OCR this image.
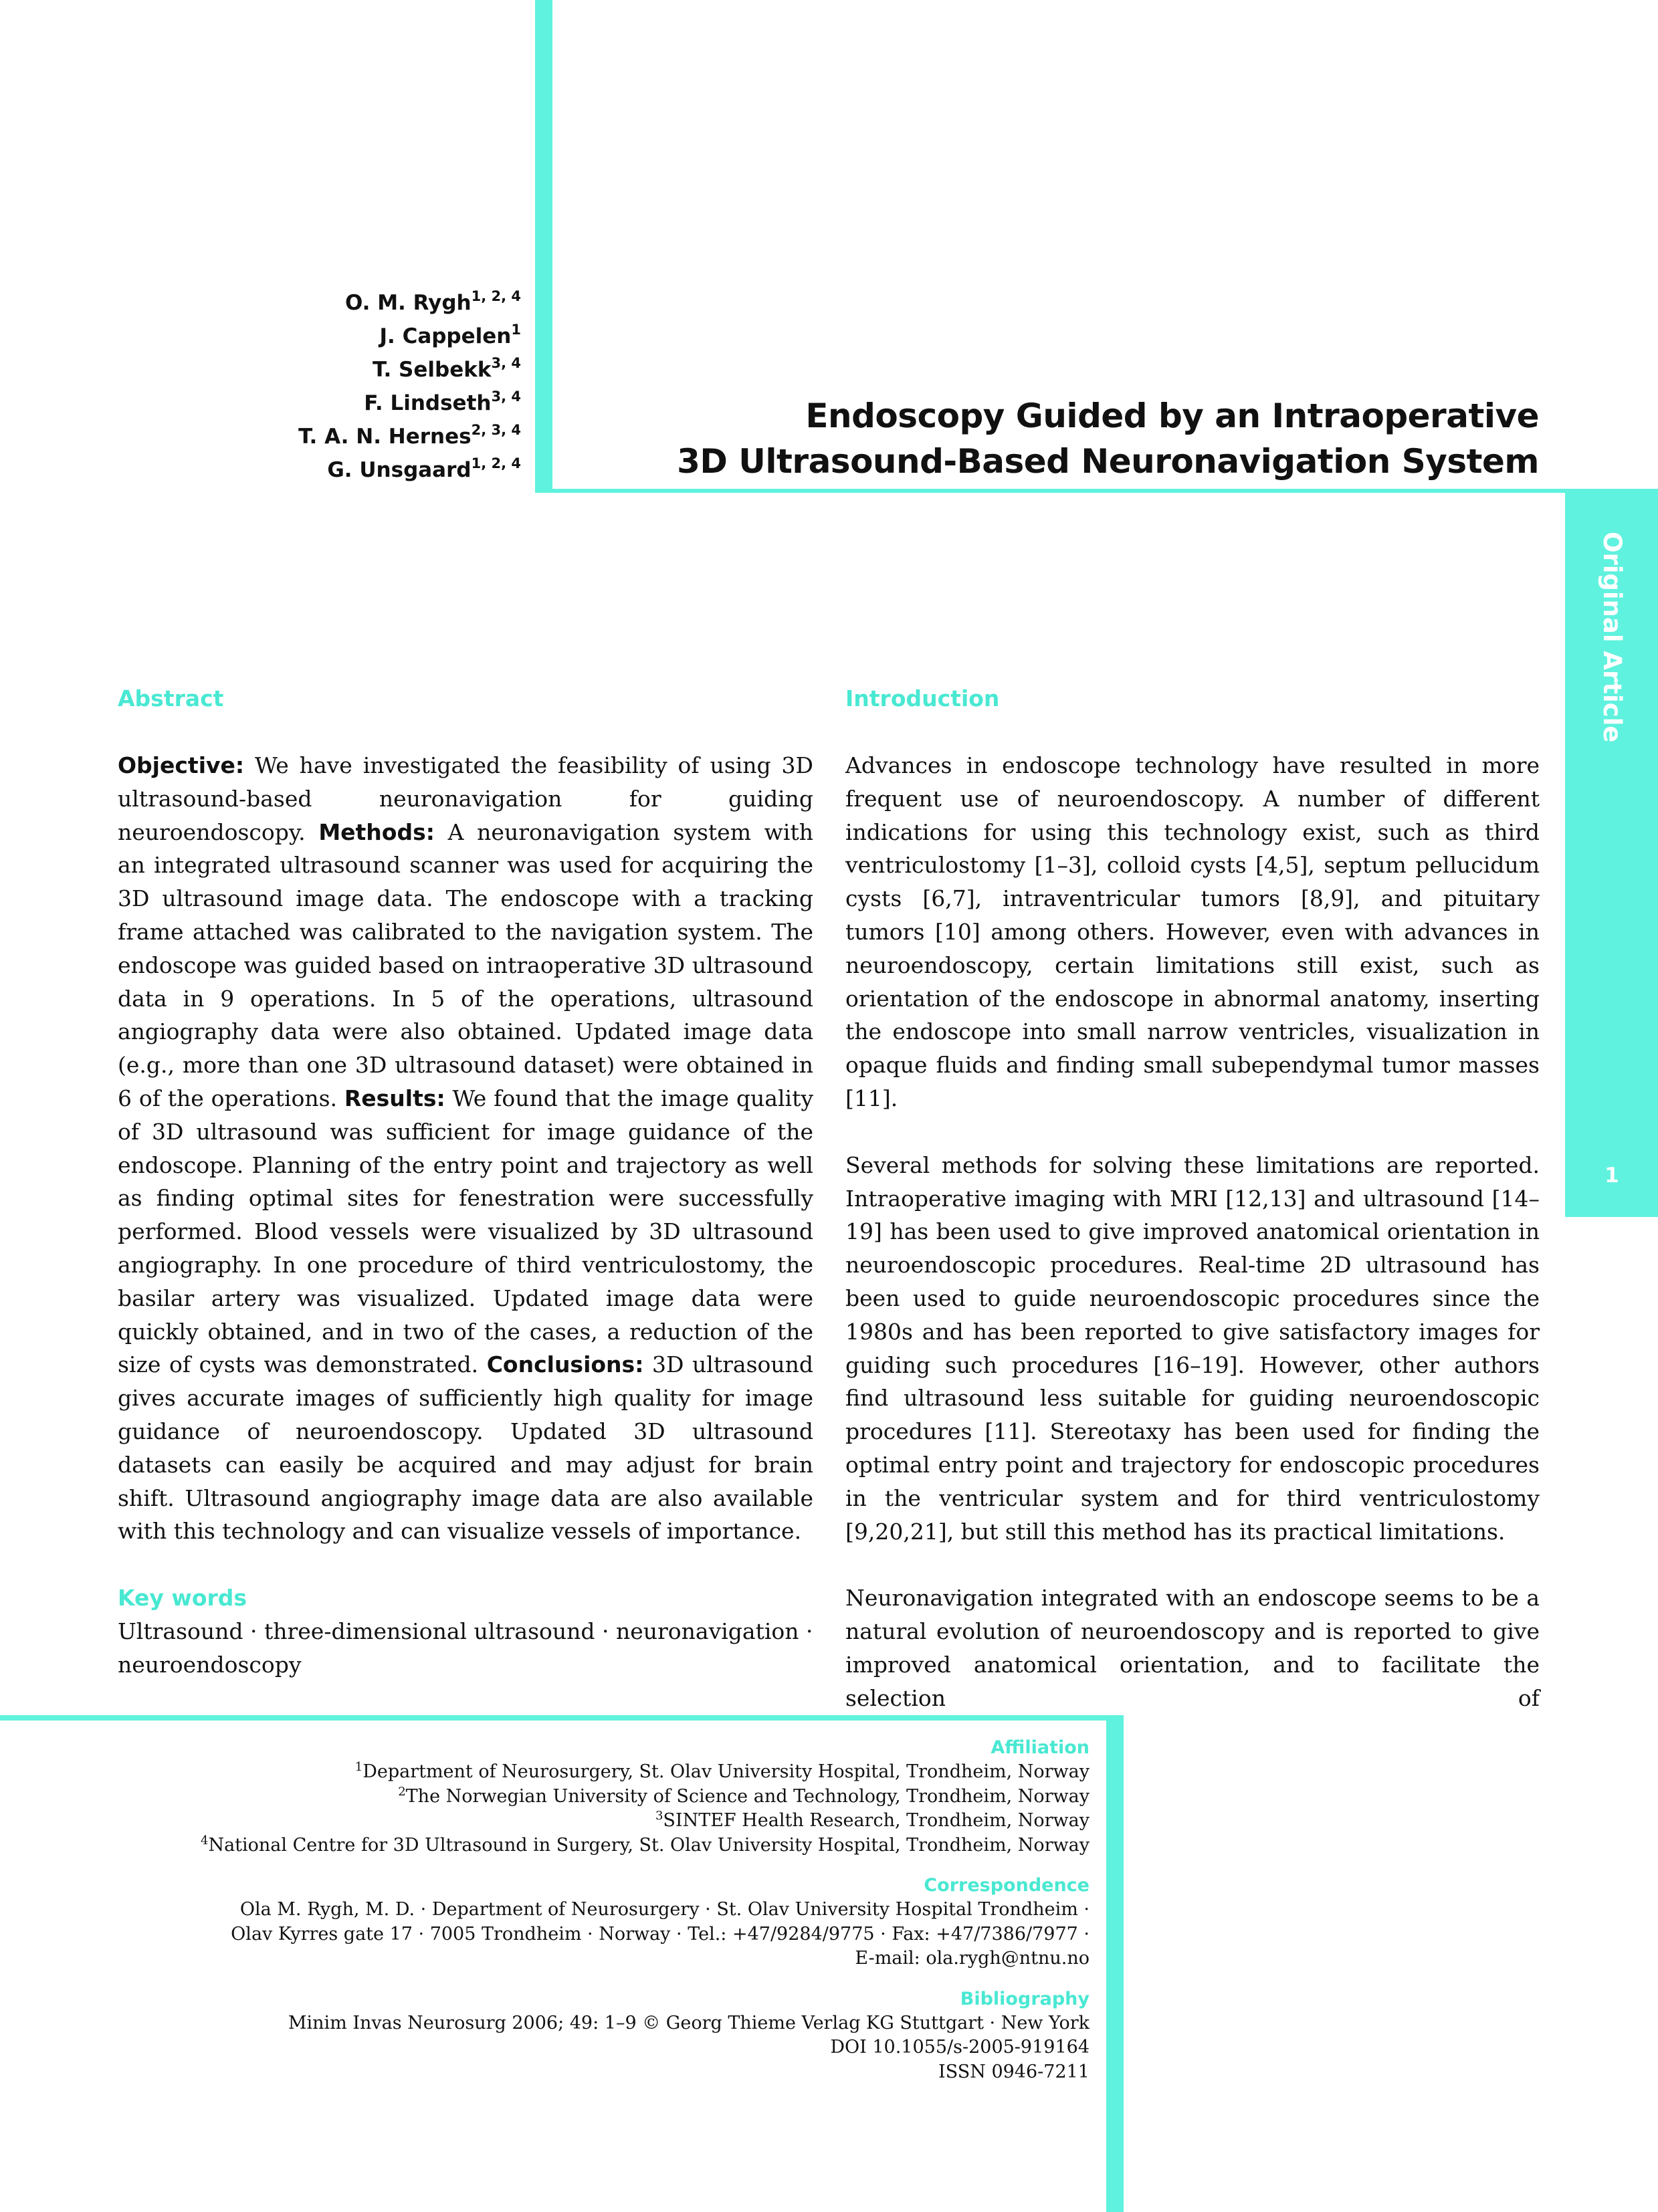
O. M. Rygh$^{1, 2, 4}$
J. Cappelen$^1$
T. Selbekk$^{3, 4}$
F. Lindseth$^{3, 4}$
T. A. N. Hernes$^{2, 3, 4}$
G. Unsgaard$^{1, 2, 4}$
Endoscopy Guided by an Intraoperative
3D Ultrasound-Based Neuronavigation System
Original Article
1
Abstract

Objective: We have investigated the feasibility of using 3D ultrasound-based neuronavigation for guiding neuroendoscopy. Methods: A neuronavigation system with an integrated ultrasound scanner was used for acquiring the 3D ultrasound image data. The endoscope with a tracking frame attached was calibrated to the navigation system. The endoscope was guided based on intraoperative 3D ultrasound data in 9 operations. In 5 of the operations, ultrasound angiography data were also obtained. Updated image data (e.g., more than one 3D ultrasound dataset) were obtained in 6 of the operations. Results: We found that the image quality of 3D ultrasound was sufficient for image guidance of the endoscope. Planning of the entry point and trajectory as well as finding optimal sites for fenestration were successfully performed. Blood vessels were visualized by 3D ultrasound angiography. In one procedure of third ventriculostomy, the basilar artery was visualized. Updated image data were quickly obtained, and in two of the cases, a reduction of the size of cysts was demonstrated. Conclusions: 3D ultrasound gives accurate images of sufficiently high quality for image guidance of neuroendoscopy. Updated 3D ultrasound datasets can easily be acquired and may adjust for brain shift. Ultrasound angiography image data are also available with this technology and can visualize vessels of importance.

Key words

Ultrasound · three-dimensional ultrasound · neuronavigation · neuroendoscopy

Introduction

Advances in endoscope technology have resulted in more frequent use of neuroendoscopy. A number of different indications for using this technology exist, such as third ventriculostomy [1–3], colloid cysts [4,5], septum pellucidum cysts [6,7], intraventricular tumors [8,9], and pituitary tumors [10] among others. However, even with advances in neuroendoscopy, certain limitations still exist, such as orientation of the endoscope in abnormal anatomy, inserting the endoscope into small narrow ventricles, visualization in opaque fluids and finding small subependymal tumor masses [11].

Several methods for solving these limitations are reported. Intraoperative imaging with MRI [12,13] and ultrasound [14–19] has been used to give improved anatomical orientation in neuroendoscopic procedures. Real-time 2D ultrasound has been used to guide neuroendoscopic procedures since the 1980s and has been reported to give satisfactory images for guiding such procedures [16–19]. However, other authors find ultrasound less suitable for guiding neuroendoscopic procedures [11]. Stereotaxy has been used for finding the optimal entry point and trajectory for endoscopic procedures in the ventricular system and for third ventriculostomy [9,20,21], but still this method has its practical limitations.

Neuronavigation integrated with an endoscope seems to be a natural evolution of neuroendoscopy and is reported to give improved anatomical orientation, and to facilitate the selection of

Affiliation
$^1$Department of Neurosurgery, St. Olav University Hospital, Trondheim, Norway
$^2$The Norwegian University of Science and Technology, Trondheim, Norway
$^3$SINTEF Health Research, Trondheim, Norway
$^4$National Centre for 3D Ultrasound in Surgery, St. Olav University Hospital, Trondheim, Norway
Correspondence
Ola M. Rygh, M. D. · Department of Neurosurgery · St. Olav University Hospital Trondheim ·
Olav Kyrres gate 17 · 7005 Trondheim · Norway · Tel.: +47/9284/9775 · Fax: +47/7386/7977 ·
E-mail: ola.rygh@ntnu.no
Bibliography
Minim Invas Neurosurg 2006; 49: 1–9 © Georg Thieme Verlag KG Stuttgart · New York
DOI 10.1055/s-2005-919164
ISSN 0946-7211
